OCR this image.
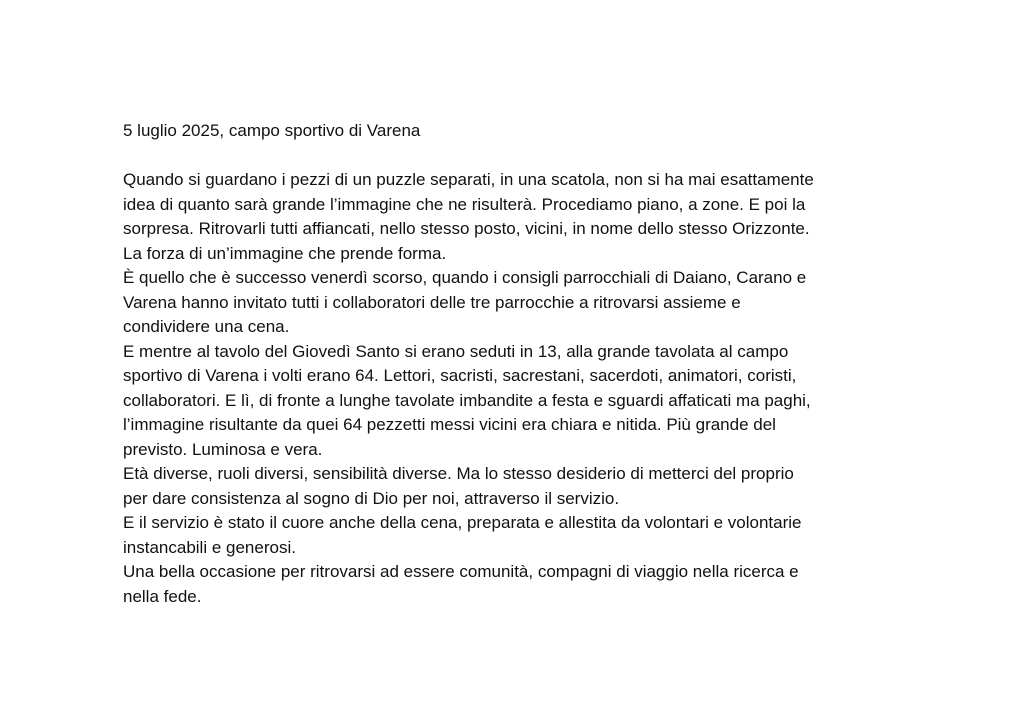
5 luglio 2025, campo sportivo di Varena
Quando si guardano i pezzi di un puzzle separati, in una scatola, non si ha mai esattamente
idea di quanto sarà grande l’immagine che ne risulterà. Procediamo piano, a zone. E poi la
sorpresa. Ritrovarli tutti affiancati, nello stesso posto, vicini, in nome dello stesso Orizzonte.
La forza di un’immagine che prende forma.
È quello che è successo venerdì scorso, quando i consigli parrocchiali di Daiano, Carano e
Varena hanno invitato tutti i collaboratori delle tre parrocchie a ritrovarsi assieme e
condividere una cena.
E mentre al tavolo del Giovedì Santo si erano seduti in 13, alla grande tavolata al campo
sportivo di Varena i volti erano 64. Lettori, sacristi, sacrestani, sacerdoti, animatori, coristi,
collaboratori. E lì, di fronte a lunghe tavolate imbandite a festa e sguardi affaticati ma paghi,
l’immagine risultante da quei 64 pezzetti messi vicini era chiara e nitida. Più grande del
previsto. Luminosa e vera.
Età diverse, ruoli diversi, sensibilità diverse. Ma lo stesso desiderio di metterci del proprio
per dare consistenza al sogno di Dio per noi, attraverso il servizio.
E il servizio è stato il cuore anche della cena, preparata e allestita da volontari e volontarie
instancabili e generosi.
Una bella occasione per ritrovarsi ad essere comunità, compagni di viaggio nella ricerca e
nella fede.
